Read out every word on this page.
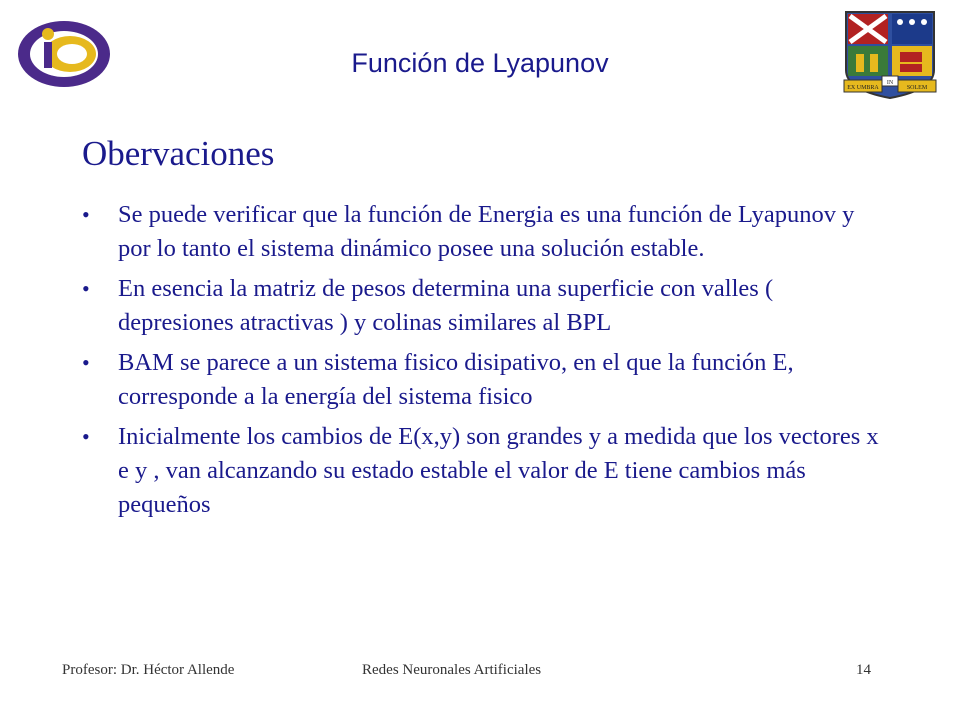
EX UMBRA
IN
SOLEM
Función de Lyapunov
Obervaciones
• Se puede verificar que la función de Energia es una función de Lyapunov y por lo tanto el sistema dinámico posee una solución estable.
• En esencia la matriz de pesos determina una superficie con valles ( depresiones atractivas ) y colinas similares al BPL
• BAM se parece a un sistema fisico disipativo, en el que la función E, corresponde a la energía del sistema fisico
• Inicialmente los cambios de E(x,y) son grandes y a medida que los vectores x e y , van alcanzando su estado estable el valor de E tiene cambios más pequeños
Profesor: Dr. Héctor Allende	Redes Neuronales Artificiales	14
